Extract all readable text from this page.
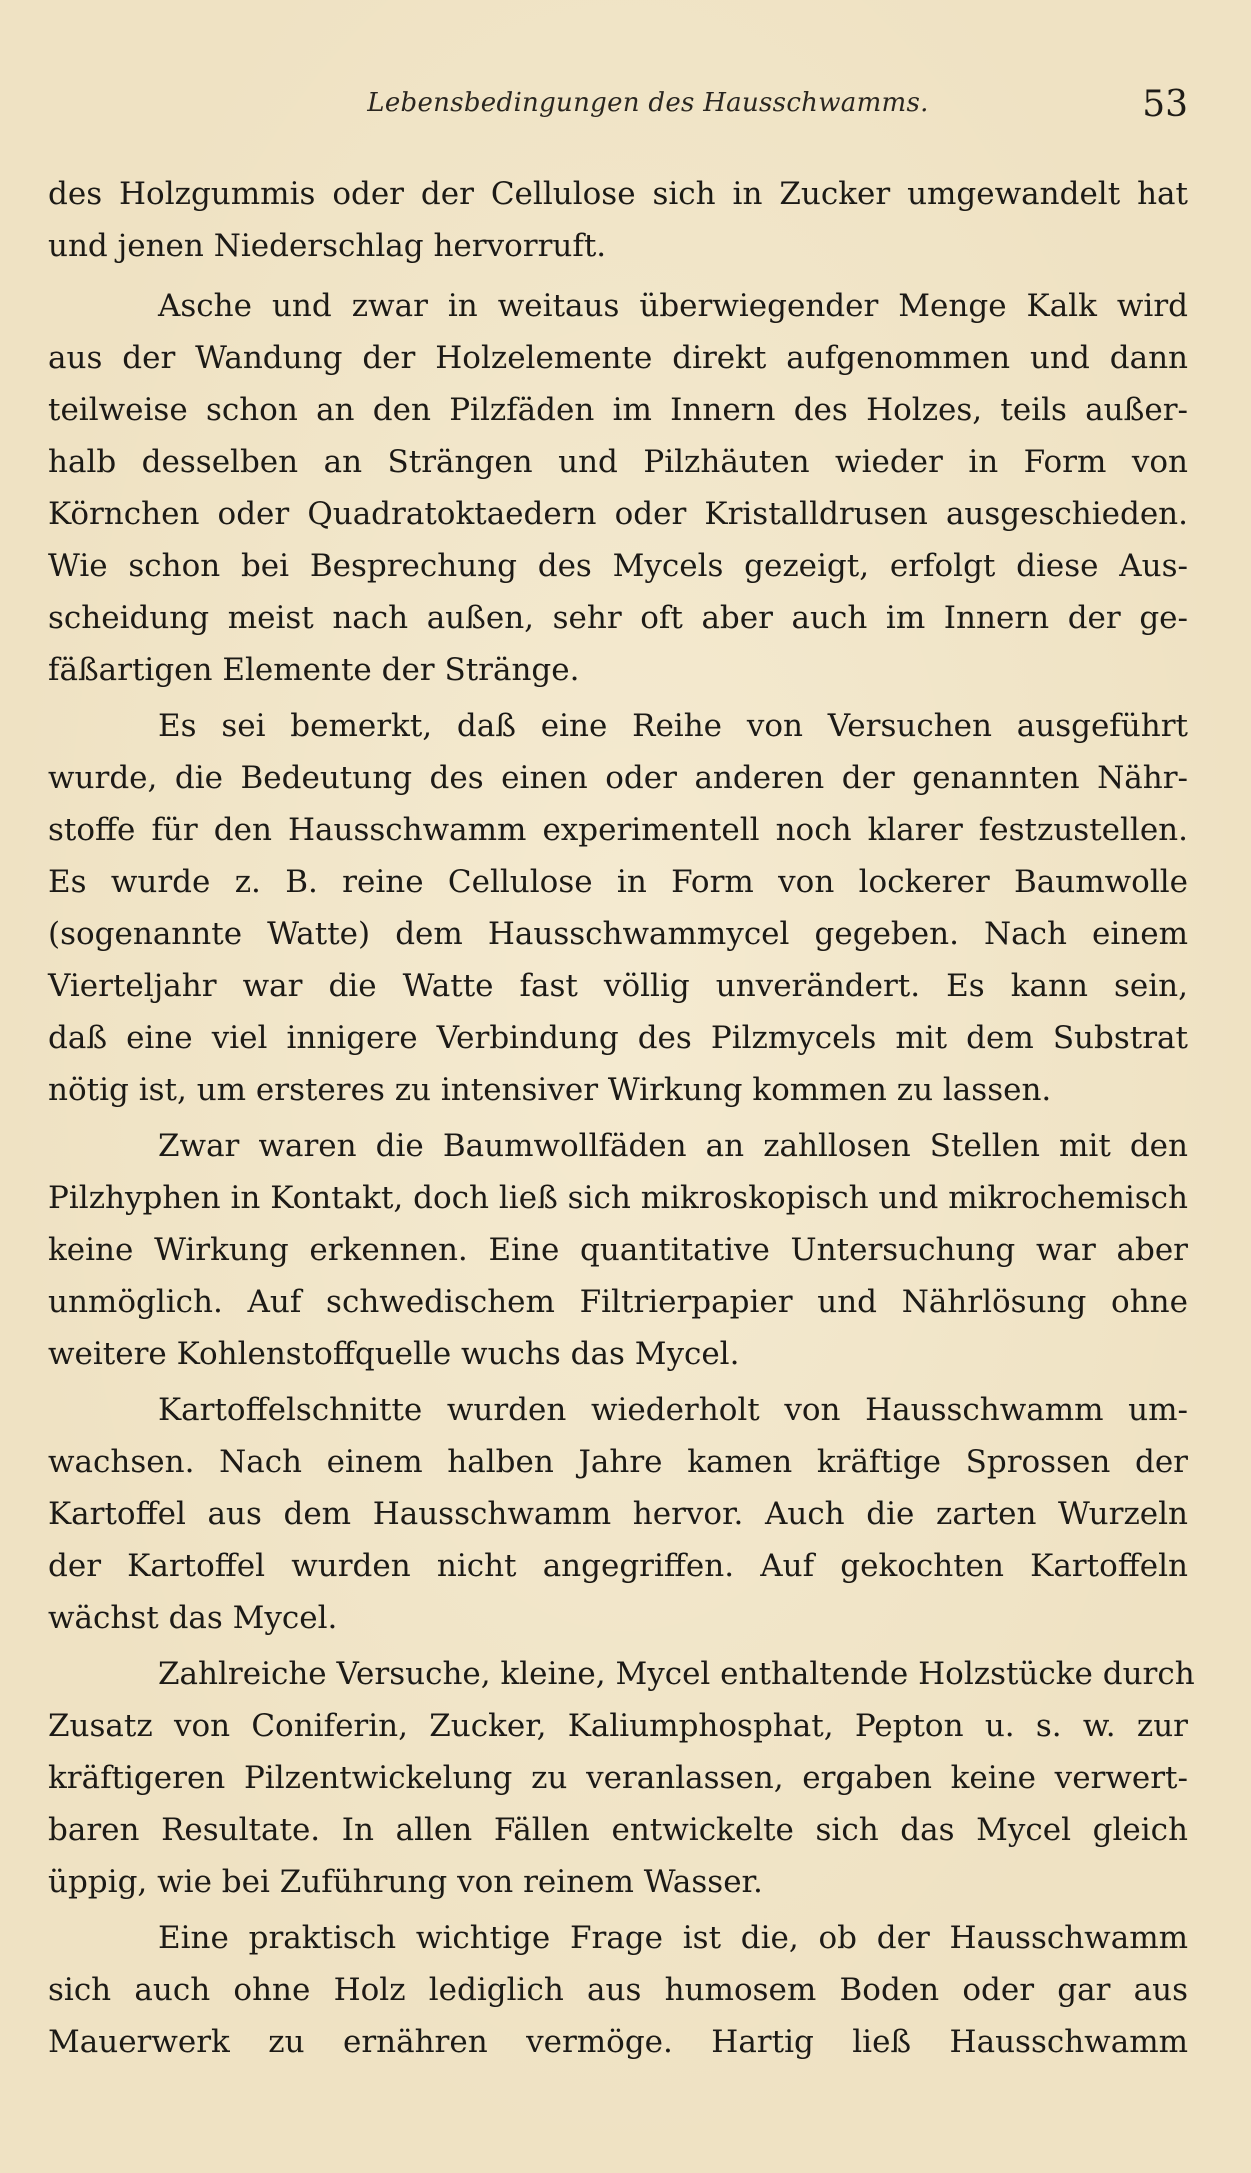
Lebensbedingungen des Hausschwamms.	53
des Holzgummis oder der Cellulose sich in Zucker umgewandelt hat
und jenen Niederschlag hervorruft.
Asche und zwar in weitaus überwiegender Menge Kalk wird
aus der Wandung der Holzelemente direkt aufgenommen und dann
teilweise schon an den Pilzfäden im Innern des Holzes, teils außer-
halb desselben an Strängen und Pilzhäuten wieder in Form von
Körnchen oder Quadratoktaedern oder Kristalldrusen ausgeschieden.
Wie schon bei Besprechung des Mycels gezeigt, erfolgt diese Aus-
scheidung meist nach außen, sehr oft aber auch im Innern der ge-
fäßartigen Elemente der Stränge.
Es sei bemerkt, daß eine Reihe von Versuchen ausgeführt
wurde, die Bedeutung des einen oder anderen der genannten Nähr-
stoffe für den Hausschwamm experimentell noch klarer festzustellen.
Es wurde z. B. reine Cellulose in Form von lockerer Baumwolle
(sogenannte Watte) dem Hausschwammycel gegeben. Nach einem
Vierteljahr war die Watte fast völlig unverändert. Es kann sein,
daß eine viel innigere Verbindung des Pilzmycels mit dem Substrat
nötig ist, um ersteres zu intensiver Wirkung kommen zu lassen.
Zwar waren die Baumwollfäden an zahllosen Stellen mit den
Pilzhyphen in Kontakt, doch ließ sich mikroskopisch und mikrochemisch
keine Wirkung erkennen. Eine quantitative Untersuchung war aber
unmöglich. Auf schwedischem Filtrierpapier und Nährlösung ohne
weitere Kohlenstoffquelle wuchs das Mycel.
Kartoffelschnitte wurden wiederholt von Hausschwamm um-
wachsen. Nach einem halben Jahre kamen kräftige Sprossen der
Kartoffel aus dem Hausschwamm hervor. Auch die zarten Wurzeln
der Kartoffel wurden nicht angegriffen. Auf gekochten Kartoffeln
wächst das Mycel.
Zahlreiche Versuche, kleine, Mycel enthaltende Holzstücke durch
Zusatz von Coniferin, Zucker, Kaliumphosphat, Pepton u. s. w. zur
kräftigeren Pilzentwickelung zu veranlassen, ergaben keine verwert-
baren Resultate. In allen Fällen entwickelte sich das Mycel gleich
üppig, wie bei Zuführung von reinem Wasser.
Eine praktisch wichtige Frage ist die, ob der Hausschwamm
sich auch ohne Holz lediglich aus humosem Boden oder gar aus
Mauerwerk zu ernähren vermöge. Hartig ließ Hausschwamm
